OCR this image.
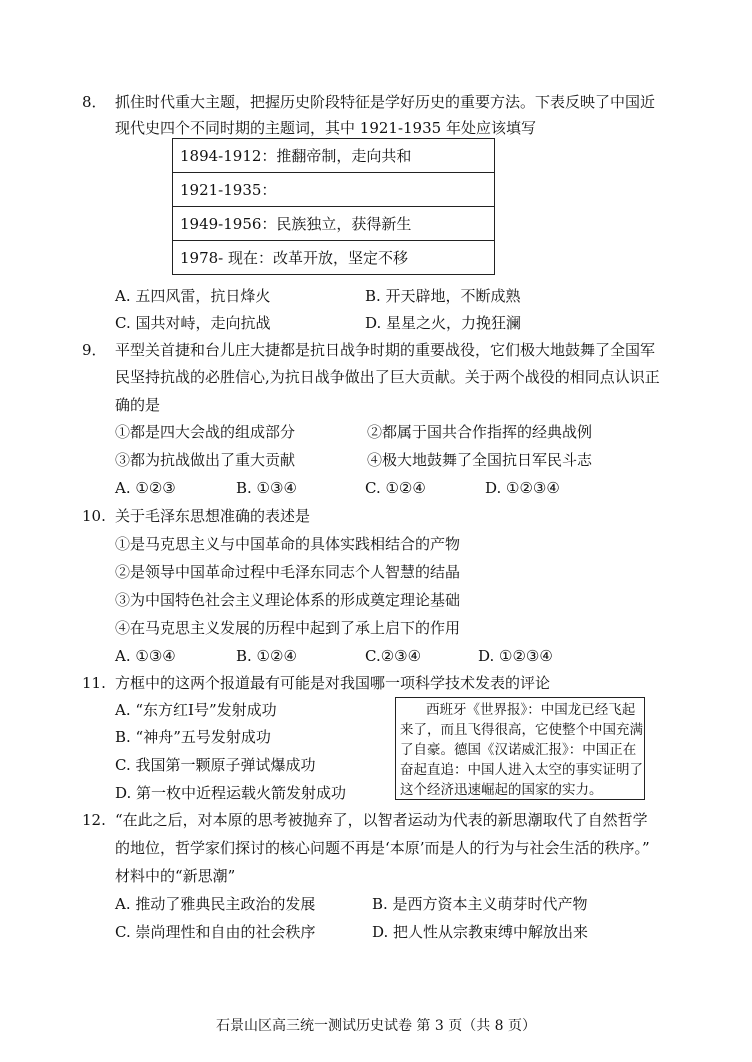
8． 抓住时代重大主题，把握历史阶段特征是学好历史的重要方法。下表反映了中国近
现代史四个不同时期的主题词，其中 1921-1935 年处应该填写
1894-1912：推翻帝制，走向共和
1921-1935：
1949-1956：民族独立，获得新生
1978- 现在：改革开放，坚定不移
A. 五四风雷，抗日烽火	B. 开天辟地，不断成熟
C. 国共对峙，走向抗战	D. 星星之火，力挽狂澜
9． 平型关首捷和台儿庄大捷都是抗日战争时期的重要战役，它们极大地鼓舞了全国军
民坚持抗战的必胜信心,为抗日战争做出了巨大贡献。关于两个战役的相同点认识正
确的是
①都是四大会战的组成部分	②都属于国共合作指挥的经典战例
③都为抗战做出了重大贡献	④极大地鼓舞了全国抗日军民斗志
A. ①②③	B. ①③④	C. ①②④	D. ①②③④
10. 关于毛泽东思想准确的表述是
①是马克思主义与中国革命的具体实践相结合的产物
②是领导中国革命过程中毛泽东同志个人智慧的结晶
③为中国特色社会主义理论体系的形成奠定理论基础
④在马克思主义发展的历程中起到了承上启下的作用
A. ①③④	B. ①②④	C.②③④	D. ①②③④
11. 方框中的这两个报道最有可能是对我国哪一项科学技术发表的评论
A. “东方红Ⅰ号”发射成功
B. “神舟”五号发射成功
C. 我国第一颗原子弹试爆成功
D. 第一枚中近程运载火箭发射成功
西班牙《世界报》：中国龙已经飞起
来了，而且飞得很高，它使整个中国充满
了自豪。德国《汉诺威汇报》：中国正在
奋起直追：中国人进入太空的事实证明了
这个经济迅速崛起的国家的实力。
12. “在此之后，对本原的思考被抛弃了，以智者运动为代表的新思潮取代了自然哲学
的地位，哲学家们探讨的核心问题不再是‘本原’而是人的行为与社会生活的秩序。”
材料中的“新思潮”
A. 推动了雅典民主政治的发展	B. 是西方资本主义萌芽时代产物
C. 崇尚理性和自由的社会秩序	D. 把人性从宗教束缚中解放出来
石景山区高三统一测试历史试卷 第 3 页（共 8 页）
